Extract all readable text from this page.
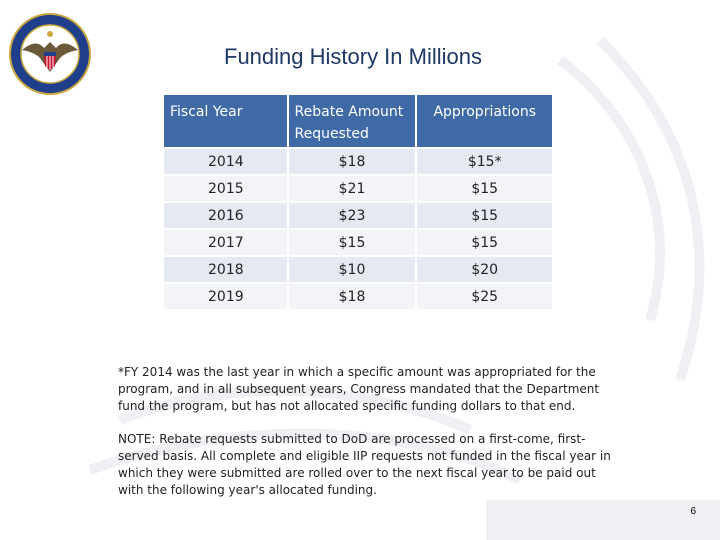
Funding History In Millions
Fiscal Year	Rebate Amount Requested	Appropriations
2014	$18	$15*
2015	$21	$15
2016	$23	$15
2017	$15	$15
2018	$10	$20
2019	$18	$25
*FY 2014 was the last year in which a specific amount was appropriated for the program, and in all subsequent years, Congress mandated that the Department fund the program, but has not allocated specific funding dollars to that end.
NOTE: Rebate requests submitted to DoD are processed on a first-come, first-served basis. All complete and eligible IIP requests not funded in the fiscal year in which they were submitted are rolled over to the next fiscal year to be paid out with the following year's allocated funding.
6
